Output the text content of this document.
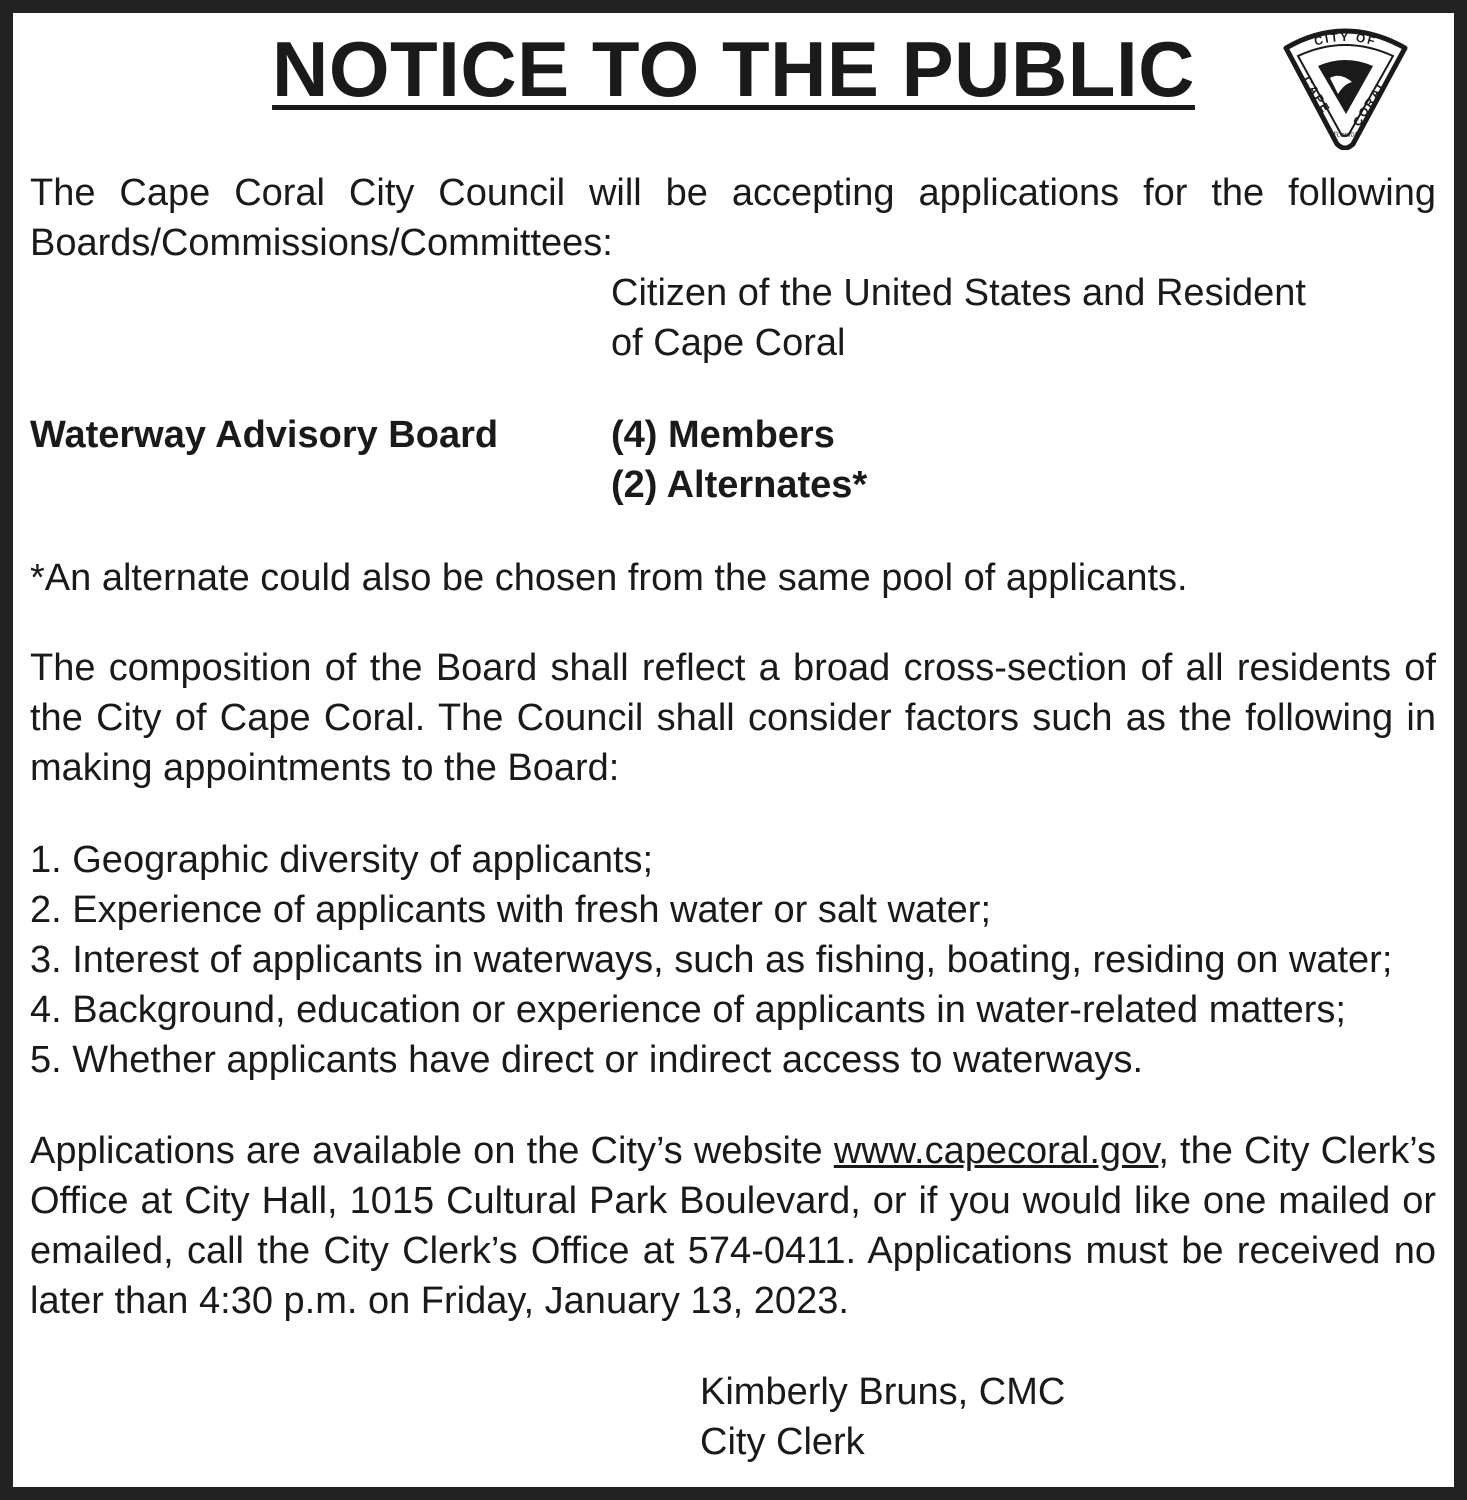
NOTICE TO THE PUBLIC	CITY OF
CAPE
CORAL
FLORIDA

The Cape Coral City Council will be accepting applications for the following Boards/Commissions/Committees:

Citizen of the United States and Resident

of Cape Coral

Waterway Advisory Board	(4) Members

(2) Alternates*

*An alternate could also be chosen from the same pool of applicants.

The composition of the Board shall reflect a broad cross-section of all residents of the City of Cape Coral. The Council shall consider factors such as the following in making appointments to the Board:

1. Geographic diversity of applicants;
2. Experience of applicants with fresh water or salt water;
3. Interest of applicants in waterways, such as fishing, boating, residing on water;
4. Background, education or experience of applicants in water-related matters;
5. Whether applicants have direct or indirect access to waterways.

Applications are available on the City’s website www.capecoral.gov, the City Clerk’s Office at City Hall, 1015 Cultural Park Boulevard, or if you would like one mailed or emailed, call the City Clerk’s Office at 574-0411. Applications must be received no later than 4:30 p.m. on Friday, January 13, 2023.

Kimberly Bruns, CMC

City Clerk
